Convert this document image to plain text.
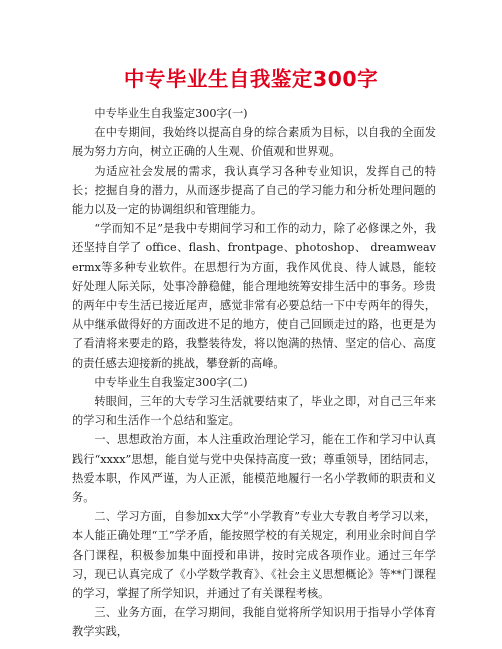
中专毕业生自我鉴定300字

中专毕业生自我鉴定300字(一)

在中专期间，我始终以提高自身的综合素质为目标，以自我的全面发展为努力方向，树立正确的人生观、价值观和世界观。

为适应社会发展的需求，我认真学习各种专业知识，发挥自己的特长；挖掘自身的潜力，从而逐步提高了自己的学习能力和分析处理问题的能力以及一定的协调组织和管理能力。

“学而知不足”是我中专期间学习和工作的动力，除了必修课之外，我还坚持自学了 office、flash、frontpage、photoshop、 dreamweavermx等多种专业软件。在思想行为方面，我作风优良、待人诚恳，能较好处理人际关际，处事冷静稳健，能合理地统筹安排生活中的事务。珍贵的两年中专生活已接近尾声，感觉非常有必要总结一下中专两年的得失，从中继承做得好的方面改进不足的地方，使自己回顾走过的路，也更是为了看清将来要走的路，我整装待发，将以饱满的热情、坚定的信心、高度的责任感去迎接新的挑战，攀登新的高峰。

中专毕业生自我鉴定300字(二)

转眼间，三年的大专学习生活就要结束了，毕业之即，对自己三年来的学习和生活作一个总结和鉴定。

一、思想政治方面，本人注重政治理论学习，能在工作和学习中认真践行“xxxx”思想，能自觉与党中央保持高度一致；尊重领导，团结同志，热爱本职，作风严谨，为人正派，能模范地履行一名小学教师的职责和义务。

二、学习方面，自参加xx大学“小学教育”专业大专教自考学习以来，本人能正确处理“工”学矛盾，能按照学校的有关规定，利用业余时间自学各门课程，积极参加集中面授和串讲，按时完成各项作业。通过三年学习，现已认真完成了《小学数学教育》、《社会主义思想概论》等**门课程的学习，掌握了所学知识，并通过了有关课程考核。

三、业务方面，在学习期间，我能自觉将所学知识用于指导小学体育教学实践，
